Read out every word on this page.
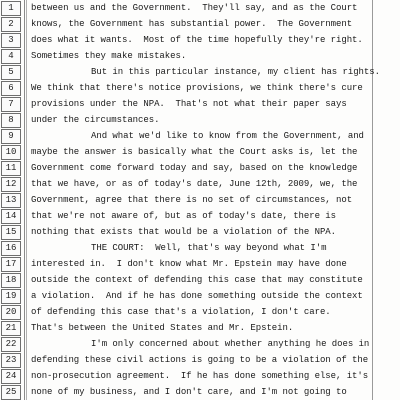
1	between us and the Government.  They'll say, and as the Court
2	knows, the Government has substantial power.  The Government
3	does what it wants.  Most of the time hopefully they're right.
4	Sometimes they make mistakes.
5	But in this particular instance, my client has rights.
6	We think that there's notice provisions, we think there's cure
7	provisions under the NPA.  That's not what their paper says
8	under the circumstances.
9	And what we'd like to know from the Government, and
10	maybe the answer is basically what the Court asks is, let the
11	Government come forward today and say, based on the knowledge
12	that we have, or as of today's date, June 12th, 2009, we, the
13	Government, agree that there is no set of circumstances, not
14	that we're not aware of, but as of today's date, there is
15	nothing that exists that would be a violation of the NPA.
16	THE COURT:  Well, that's way beyond what I'm
17	interested in.  I don't know what Mr. Epstein may have done
18	outside the context of defending this case that may constitute
19	a violation.  And if he has done something outside the context
20	of defending this case that's a violation, I don't care.
21	That's between the United States and Mr. Epstein.
22	I'm only concerned about whether anything he does in
23	defending these civil actions is going to be a violation of the
24	non-prosecution agreement.  If he has done something else, it's
25	none of my business, and I don't care, and I'm not going to
